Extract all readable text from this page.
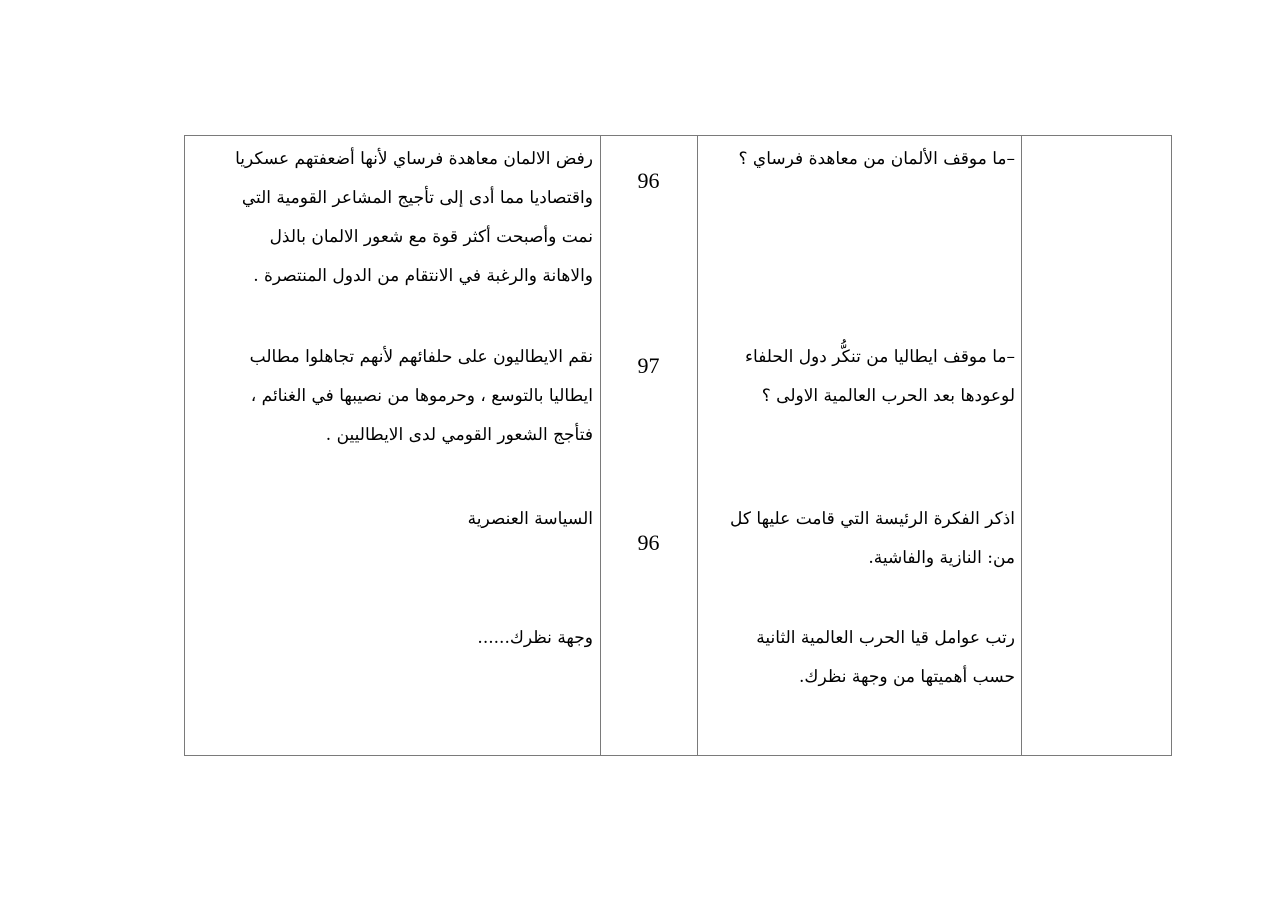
رفض الالمان معاهدة فرساي لأنها أضعفتهم عسكريا
واقتصاديا مما أدى إلى تأجيج المشاعر القومية التي
نمت وأصبحت أكثر قوة مع شعور الالمان بالذل
والاهانة والرغبة في الانتقام من الدول المنتصرة .
96
–ما موقف الألمان من معاهدة فرساي ؟
نقم الايطاليون على حلفائهم لأنهم تجاهلوا مطالب
ايطاليا بالتوسع ، وحرموها من نصيبها في الغنائم ،
فتأجج الشعور القومي لدى الايطاليين .
97	–ما موقف ايطاليا من تنكُّر دول الحلفاء
لوعودها بعد الحرب العالمية الاولى ؟
السياسة العنصرية
96
اذكر الفكرة الرئيسة التي قامت عليها كل
من: النازية والفاشية.
وجهة نظرك......	رتب عوامل قيا الحرب العالمية الثانية
حسب أهميتها من وجهة نظرك.
